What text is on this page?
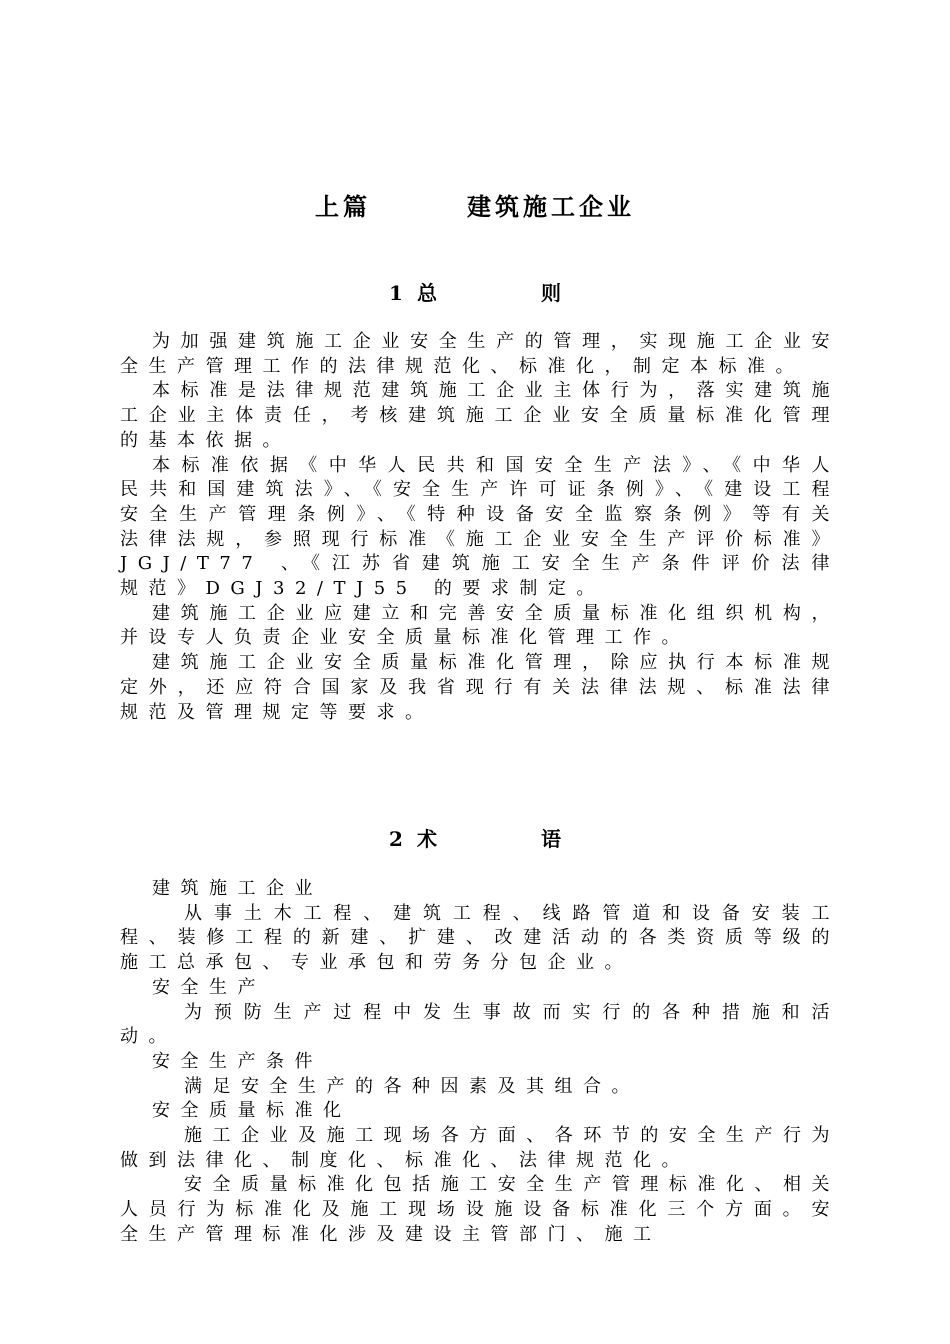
上篇	建筑施工企业
1 总	则

为加强建筑施工企业安全生产的管理，实现施工企业安全生产管理工作的法律规范化、标准化，制定本标准。

本标准是法律规范建筑施工企业主体行为，落实建筑施工企业主体责任，考核建筑施工企业安全质量标准化管理的基本依据。

本标准依据《中华人民共和国安全生产法》、《中华人民共和国建筑法》、《安全生产许可证条例》、《建设工程安全生产管理条例》、《特种设备安全监察条例》等有关法律法规，参照现行标准《施工企业安全生产评价标准》JGJ/T77 、《江苏省建筑施工安全生产条件评价法律规范》DGJ32/TJ55 的要求制定。

建筑施工企业应建立和完善安全质量标准化组织机构，并设专人负责企业安全质量标准化管理工作。

建筑施工企业安全质量标准化管理，除应执行本标准规定外，还应符合国家及我省现行有关法律法规、标准法律规范及管理规定等要求。

2 术	语

建筑施工企业

从事土木工程、建筑工程、线路管道和设备安装工程、装修工程的新建、扩建、改建活动的各类资质等级的施工总承包、专业承包和劳务分包企业。

安全生产

为预防生产过程中发生事故而实行的各种措施和活动。

安全生产条件

满足安全生产的各种因素及其组合。

安全质量标准化

施工企业及施工现场各方面、各环节的安全生产行为做到法律化、制度化、标准化、法律规范化。

安全质量标准化包括施工安全生产管理标准化、相关人员行为标准化及施工现场设施设备标准化三个方面。安全生产管理标准化涉及建设主管部门、施工
